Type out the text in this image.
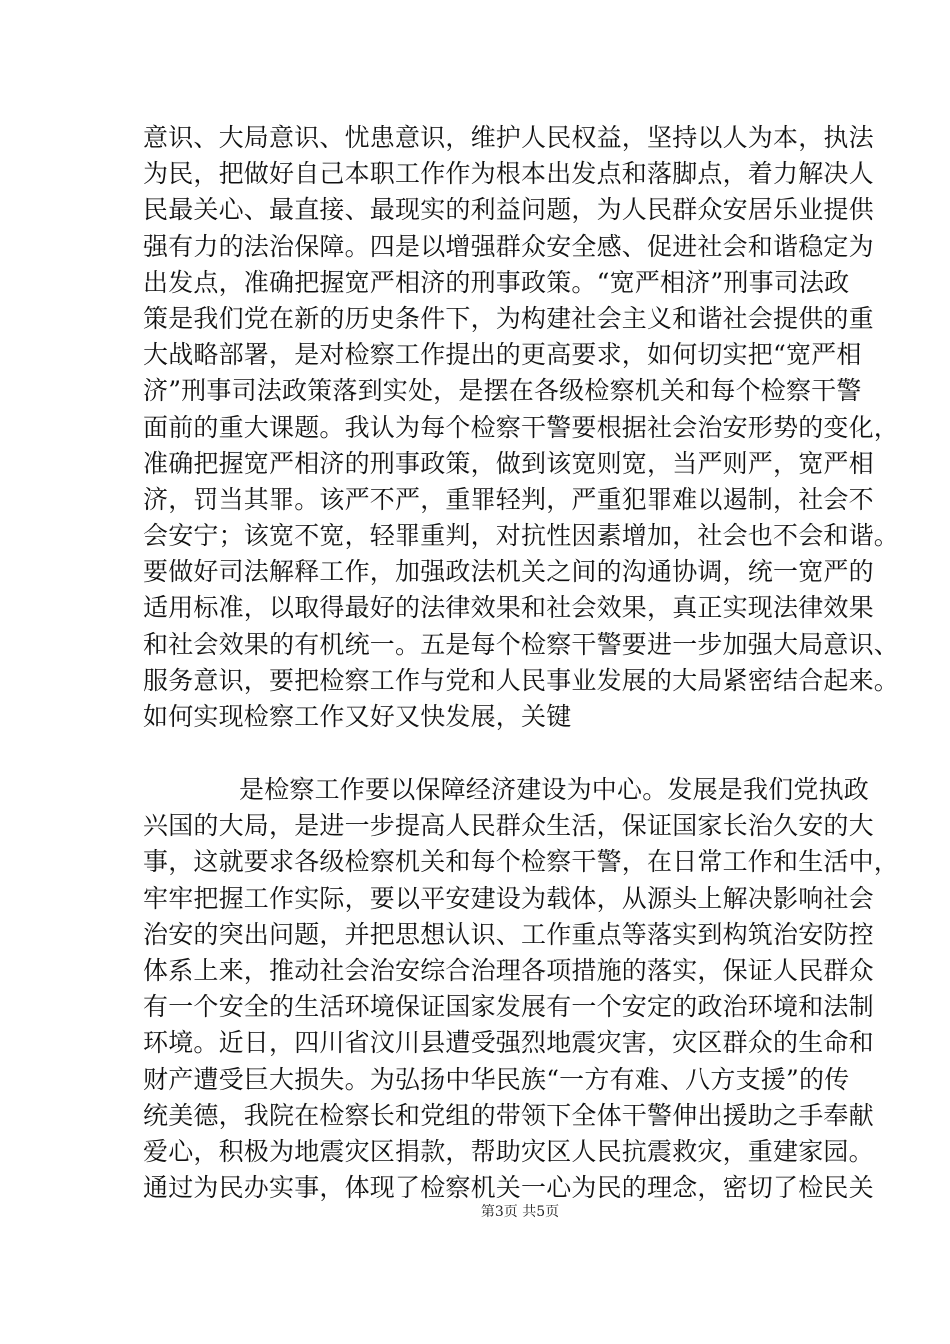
意识、大局意识、忧患意识，维护人民权益，坚持以人为本，执法
为民，把做好自己本职工作作为根本出发点和落脚点，着力解决人
民最关心、最直接、最现实的利益问题，为人民群众安居乐业提供
强有力的法治保障。四是以增强群众安全感、促进社会和谐稳定为
出发点，准确把握宽严相济的刑事政策。“宽严相济”刑事司法政
策是我们党在新的历史条件下，为构建社会主义和谐社会提供的重
大战略部署，是对检察工作提出的更高要求，如何切实把“宽严相
济”刑事司法政策落到实处，是摆在各级检察机关和每个检察干警
面前的重大课题。我认为每个检察干警要根据社会治安形势的变化，
准确把握宽严相济的刑事政策，做到该宽则宽，当严则严，宽严相
济，罚当其罪。该严不严，重罪轻判，严重犯罪难以遏制，社会不
会安宁；该宽不宽，轻罪重判，对抗性因素增加，社会也不会和谐。
要做好司法解释工作，加强政法机关之间的沟通协调，统一宽严的
适用标准，以取得最好的法律效果和社会效果，真正实现法律效果
和社会效果的有机统一。五是每个检察干警要进一步加强大局意识、
服务意识，要把检察工作与党和人民事业发展的大局紧密结合起来。
如何实现检察工作又好又快发展，关键
是检察工作要以保障经济建设为中心。发展是我们党执政
兴国的大局，是进一步提高人民群众生活，保证国家长治久安的大
事，这就要求各级检察机关和每个检察干警，在日常工作和生活中，
牢牢把握工作实际，要以平安建设为载体，从源头上解决影响社会
治安的突出问题，并把思想认识、工作重点等落实到构筑治安防控
体系上来，推动社会治安综合治理各项措施的落实，保证人民群众
有一个安全的生活环境保证国家发展有一个安定的政治环境和法制
环境。近日，四川省汶川县遭受强烈地震灾害，灾区群众的生命和
财产遭受巨大损失。为弘扬中华民族“一方有难、八方支援”的传
统美德，我院在检察长和党组的带领下全体干警伸出援助之手奉献
爱心，积极为地震灾区捐款，帮助灾区人民抗震救灾，重建家园。
通过为民办实事，体现了检察机关一心为民的理念，密切了检民关
第3页 共5页
